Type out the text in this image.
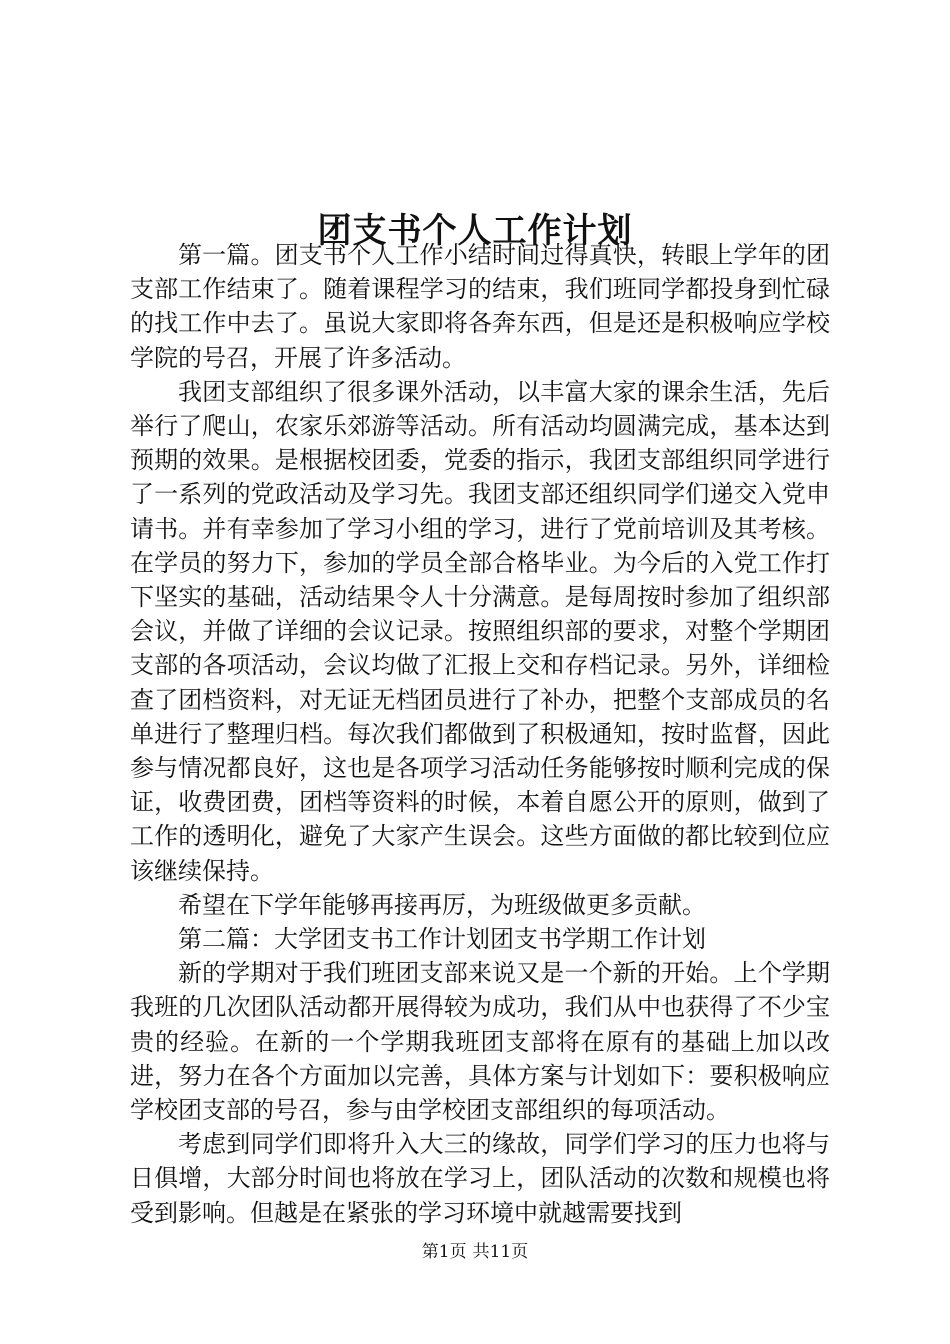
团支书个人工作计划

第一篇。团支书个人工作小结时间过得真快，转眼上学年的团支部工作结束了。随着课程学习的结束，我们班同学都投身到忙碌的找工作中去了。虽说大家即将各奔东西，但是还是积极响应学校学院的号召，开展了许多活动。

我团支部组织了很多课外活动，以丰富大家的课余生活，先后举行了爬山，农家乐郊游等活动。所有活动均圆满完成，基本达到预期的效果。是根据校团委，党委的指示，我团支部组织同学进行了一系列的党政活动及学习先。我团支部还组织同学们递交入党申请书。并有幸参加了学习小组的学习，进行了党前培训及其考核。在学员的努力下，参加的学员全部合格毕业。为今后的入党工作打下坚实的基础，活动结果令人十分满意。是每周按时参加了组织部会议，并做了详细的会议记录。按照组织部的要求，对整个学期团支部的各项活动，会议均做了汇报上交和存档记录。另外，详细检查了团档资料，对无证无档团员进行了补办，把整个支部成员的名单进行了整理归档。每次我们都做到了积极通知，按时监督，因此参与情况都良好，这也是各项学习活动任务能够按时顺利完成的保证，收费团费，团档等资料的时候，本着自愿公开的原则，做到了工作的透明化，避免了大家产生误会。这些方面做的都比较到位应该继续保持。

希望在下学年能够再接再厉，为班级做更多贡献。

第二篇：大学团支书工作计划团支书学期工作计划

新的学期对于我们班团支部来说又是一个新的开始。上个学期我班的几次团队活动都开展得较为成功，我们从中也获得了不少宝贵的经验。在新的一个学期我班团支部将在原有的基础上加以改进，努力在各个方面加以完善，具体方案与计划如下：要积极响应学校团支部的号召，参与由学校团支部组织的每项活动。

考虑到同学们即将升入大三的缘故，同学们学习的压力也将与日俱增，大部分时间也将放在学习上，团队活动的次数和规模也将受到影响。但越是在紧张的学习环境中就越需要找到

第1页 共11页
